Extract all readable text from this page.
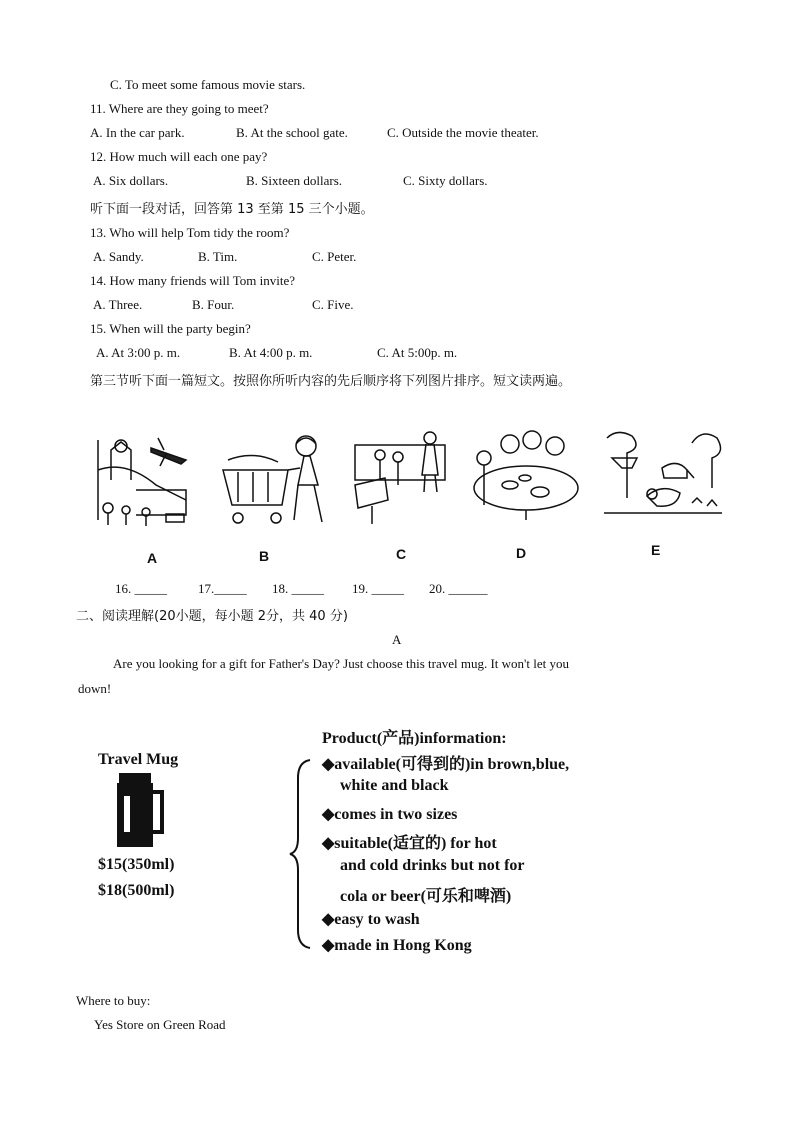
C. To meet some famous movie stars.
11. Where are they going to meet?
A. In the car park.	B. At the school gate.	C. Outside the movie theater.
12. How much will each one pay?
A. Six dollars.	B. Sixteen dollars.	C. Sixty dollars.
听下面一段对话，回答第 13 至第 15 三个小题。
13. Who will help Tom tidy the room?
A. Sandy.	B. Tim.	C. Peter.
14. How many friends will Tom invite?
A. Three.	B. Four.	C. Five.
15. When will the party begin?
A. At 3:00 p. m.	B. At 4:00 p. m.	C. At 5:00p. m.
第三节听下面一篇短文。按照你所听内容的先后顺序将下列图片排序。短文读两遍。
A	B	C	D	E
16. _____ 17._____ 18. _____ 19. _____ 20. ______
二、阅读理解(20小题，每小题 2分，共 40 分)
A
Are you looking for a gift for Father's Day? Just choose this travel mug. It won't let you
down!
Travel Mug
$15(350ml)
$18(500ml)
Product(产品)information:
◆available(可得到的)in brown,blue,
white and black
◆comes in two sizes
◆suitable(适宜的) for hot
and cold drinks but not for
cola or beer(可乐和啤酒)
◆easy to wash
◆made in Hong Kong
Where to buy:
Yes Store on Green Road
